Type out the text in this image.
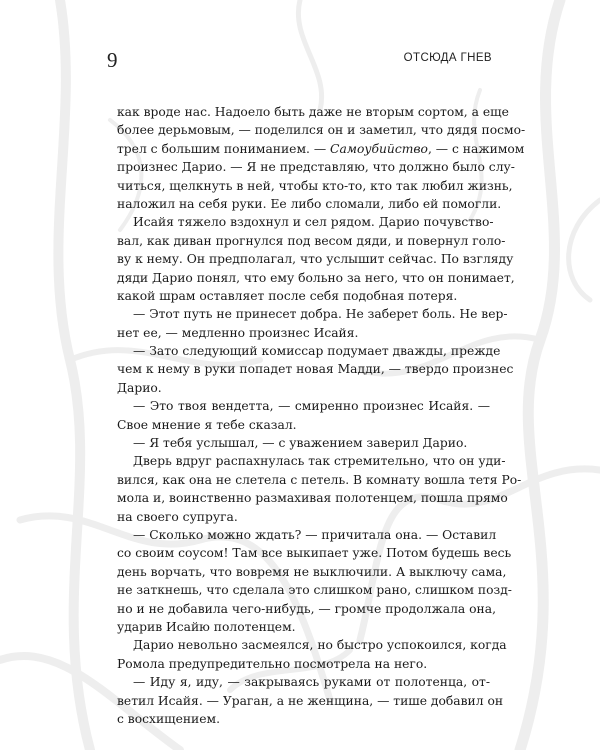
9	ОТСЮДА ГНЕВ
как вроде нас. Надоело быть даже не вторым сортом, а еще
более дерьмовым, — поделился он и заметил, что дядя посмо-
трел с большим пониманием. — Самоубийство, — с нажимом
произнес Дарио. — Я не представляю, что должно было слу-
читься, щелкнуть в ней, чтобы кто-то, кто так любил жизнь,
наложил на себя руки. Ее либо сломали, либо ей помогли.
Исайя тяжело вздохнул и сел рядом. Дарио почувство-
вал, как диван прогнулся под весом дяди, и повернул голо-
ву к нему. Он предполагал, что услышит сейчас. По взгляду
дяди Дарио понял, что ему больно за него, что он понимает,
какой шрам оставляет после себя подобная потеря.
— Этот путь не принесет добра. Не заберет боль. Не вер-
нет ее, — медленно произнес Исайя.
— Зато следующий комиссар подумает дважды, прежде
чем к нему в руки попадет новая Мадди, — твердо произнес
Дарио.
— Это твоя вендетта, — смиренно произнес Исайя. —
Свое мнение я тебе сказал.
— Я тебя услышал, — с уважением заверил Дарио.
Дверь вдруг распахнулась так стремительно, что он уди-
вился, как она не слетела с петель. В комнату вошла тетя Ро-
мола и, воинственно размахивая полотенцем, пошла прямо
на своего супруга.
— Сколько можно ждать? — причитала она. — Оставил
со своим соусом! Там все выкипает уже. Потом будешь весь
день ворчать, что вовремя не выключили. А выключу сама,
не заткнешь, что сделала это слишком рано, слишком позд-
но и не добавила чего-нибудь, — громче продолжала она,
ударив Исайю полотенцем.
Дарио невольно засмеялся, но быстро успокоился, когда
Ромола предупредительно посмотрела на него.
— Иду я, иду, — закрываясь руками от полотенца, от-
ветил Исайя. — Ураган, а не женщина, — тише добавил он
с восхищением.
